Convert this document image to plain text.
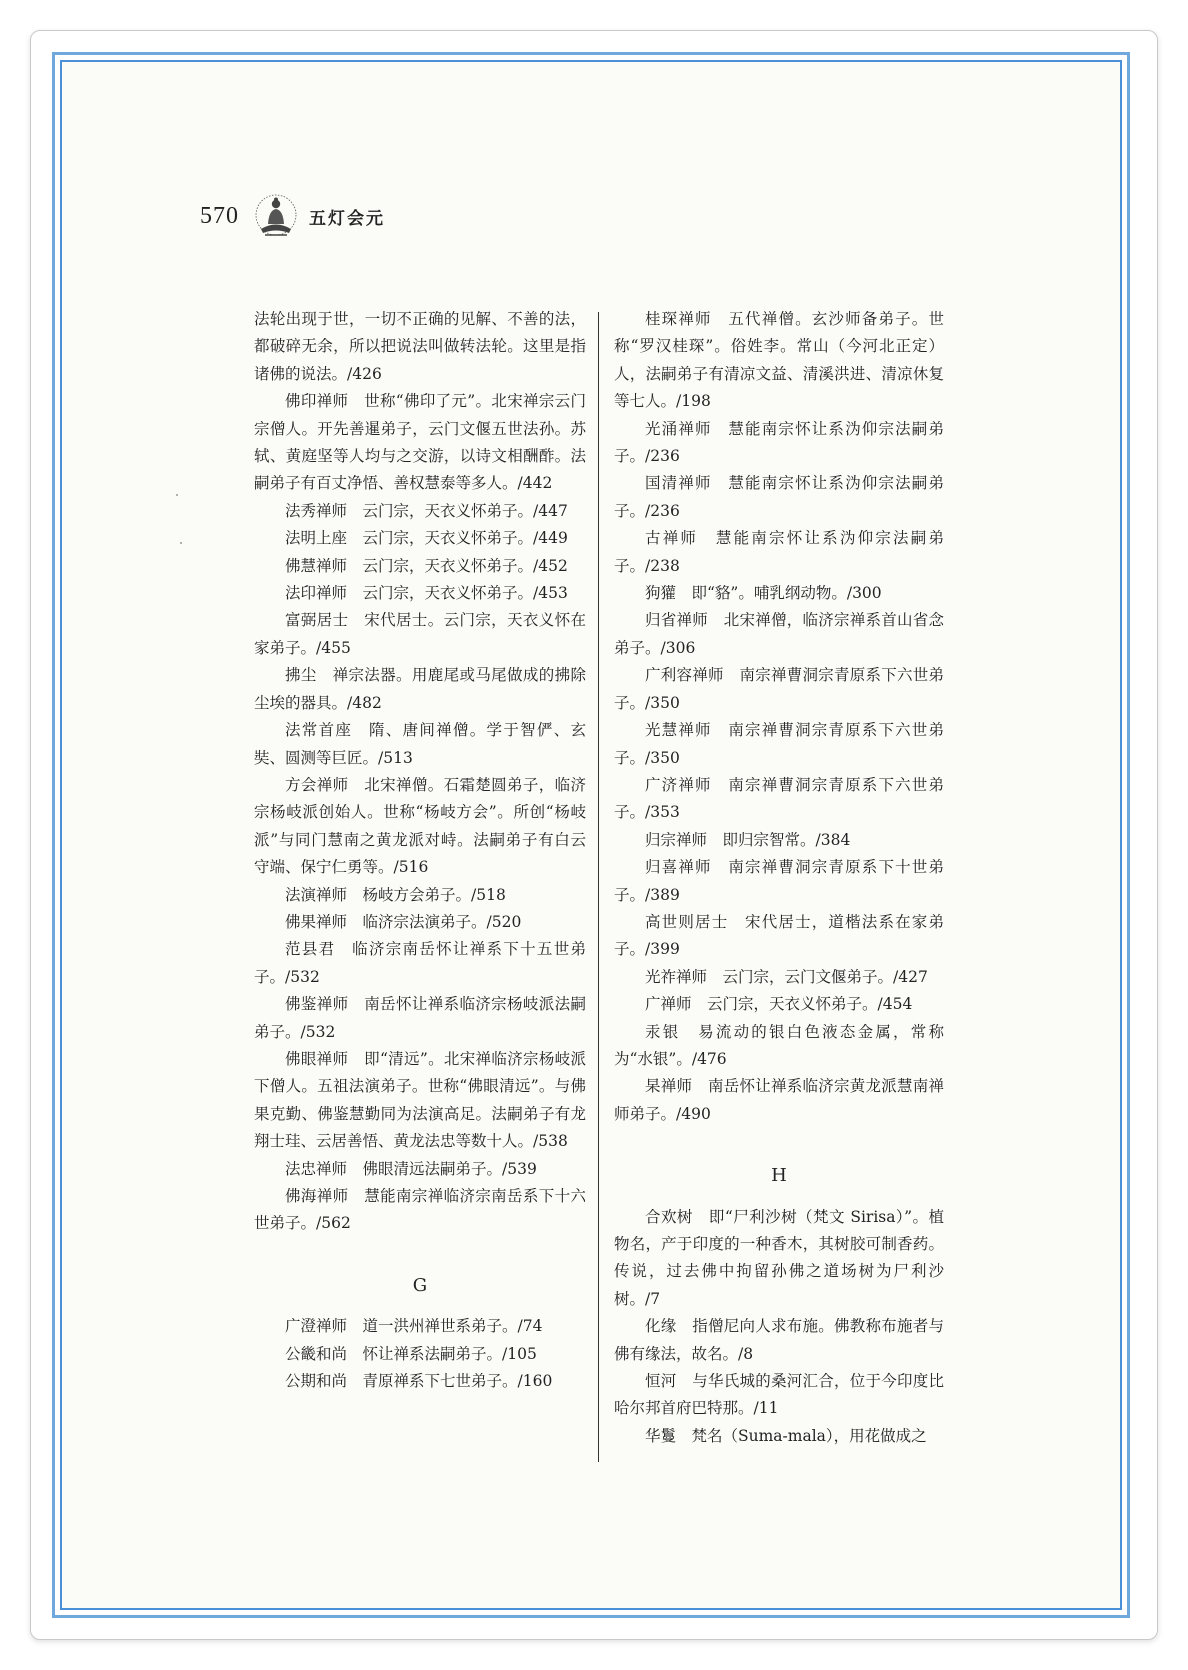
570	五灯会元

法轮出现于世，一切不正确的见解、不善的法，都破碎无余，所以把说法叫做转法轮。这里是指诸佛的说法。/426

佛印禅师　世称“佛印了元”。北宋禅宗云门宗僧人。开先善暹弟子，云门文偃五世法孙。苏轼、黄庭坚等人均与之交游，以诗文相酬酢。法嗣弟子有百丈净悟、善权慧泰等多人。/442

法秀禅师　云门宗，天衣义怀弟子。/447

法明上座　云门宗，天衣义怀弟子。/449

佛慧禅师　云门宗，天衣义怀弟子。/452

法印禅师　云门宗，天衣义怀弟子。/453

富弼居士　宋代居士。云门宗，天衣义怀在家弟子。/455

拂尘　禅宗法器。用鹿尾或马尾做成的拂除尘埃的器具。/482

法常首座　隋、唐间禅僧。学于智俨、玄奘、圆测等巨匠。/513

方会禅师　北宋禅僧。石霜楚圆弟子，临济宗杨岐派创始人。世称“杨岐方会”。所创“杨岐派”与同门慧南之黄龙派对峙。法嗣弟子有白云守端、保宁仁勇等。/516

法演禅师　杨岐方会弟子。/518

佛果禅师　临济宗法演弟子。/520

范县君　临济宗南岳怀让禅系下十五世弟子。/532

佛鉴禅师　南岳怀让禅系临济宗杨岐派法嗣弟子。/532

佛眼禅师　即“清远”。北宋禅临济宗杨岐派下僧人。五祖法演弟子。世称“佛眼清远”。与佛果克勤、佛鉴慧勤同为法演高足。法嗣弟子有龙翔士珪、云居善悟、黄龙法忠等数十人。/538

法忠禅师　佛眼清远法嗣弟子。/539

佛海禅师　慧能南宗禅临济宗南岳系下十六世弟子。/562

G

广澄禅师　道一洪州禅世系弟子。/74

公畿和尚　怀让禅系法嗣弟子。/105

公期和尚　青原禅系下七世弟子。/160

桂琛禅师　五代禅僧。玄沙师备弟子。世称“罗汉桂琛”。俗姓李。常山（今河北正定）人，法嗣弟子有清凉文益、清溪洪进、清凉休复等七人。/198

光涌禅师　慧能南宗怀让系沩仰宗法嗣弟子。/236

国清禅师　慧能南宗怀让系沩仰宗法嗣弟子。/236

古禅师　慧能南宗怀让系沩仰宗法嗣弟子。/238

狗獾　即“貉”。哺乳纲动物。/300

归省禅师　北宋禅僧，临济宗禅系首山省念弟子。/306

广利容禅师　南宗禅曹洞宗青原系下六世弟子。/350

光慧禅师　南宗禅曹洞宗青原系下六世弟子。/350

广济禅师　南宗禅曹洞宗青原系下六世弟子。/353

归宗禅师　即归宗智常。/384

归喜禅师　南宗禅曹洞宗青原系下十世弟子。/389

高世则居士　宋代居士，道楷法系在家弟子。/399

光祚禅师　云门宗，云门文偃弟子。/427

广禅师　云门宗，天衣义怀弟子。/454

汞银　易流动的银白色液态金属，常称为“水银”。/476

杲禅师　南岳怀让禅系临济宗黄龙派慧南禅师弟子。/490

H

合欢树　即“尸利沙树（梵文 Sirisa）”。植物名，产于印度的一种香木，其树胶可制香药。传说，过去佛中拘留孙佛之道场树为尸利沙树。/7

化缘　指僧尼向人求布施。佛教称布施者与佛有缘法，故名。/8

恒河　与华氏城的桑河汇合，位于今印度比哈尔邦首府巴特那。/11

华鬘　梵名（Suma-mala），用花做成之
